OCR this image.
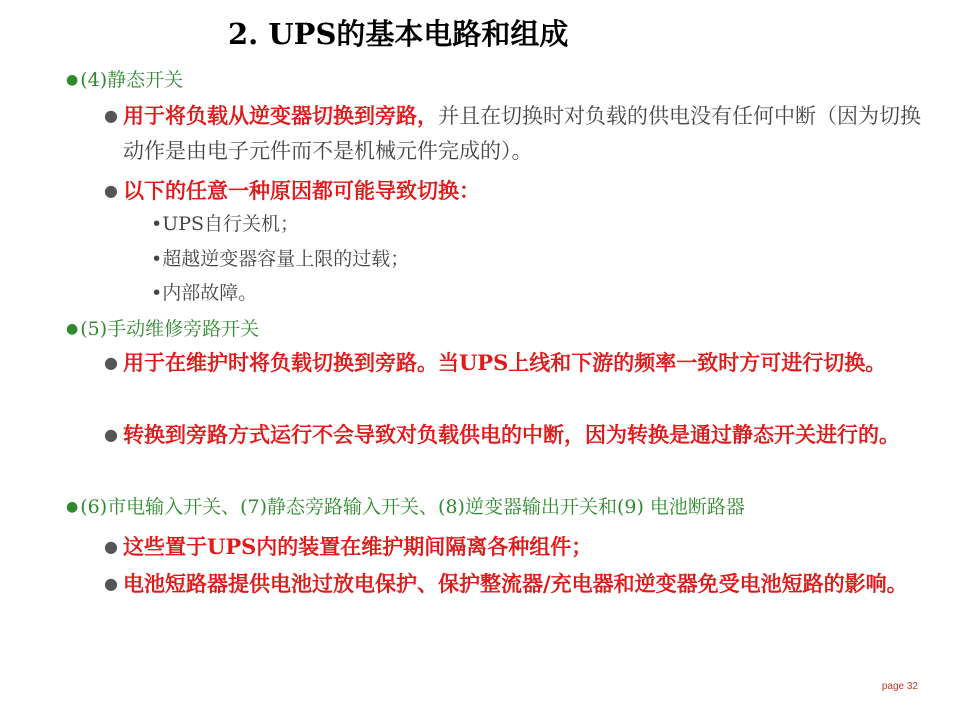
2. UPS的基本电路和组成
● (4)静态开关
● 用于将负载从逆变器切换到旁路，并且在切换时对负载的供电没有任何中断（因为切换动作是由电子元件而不是机械元件完成的）。
● 以下的任意一种原因都可能导致切换：
•UPS自行关机；
•超越逆变器容量上限的过载；
•内部故障。
● (5)手动维修旁路开关
● 用于在维护时将负载切换到旁路。当UPS上线和下游的频率一致时方可进行切换。
● 转换到旁路方式运行不会导致对负载供电的中断，因为转换是通过静态开关进行的。
● (6)市电输入开关、(7)静态旁路输入开关、(8)逆变器输出开关和(9) 电池断路器
● 这些置于UPS内的装置在维护期间隔离各种组件；
● 电池短路器提供电池过放电保护、保护整流器/充电器和逆变器免受电池短路的影响。
page 32
